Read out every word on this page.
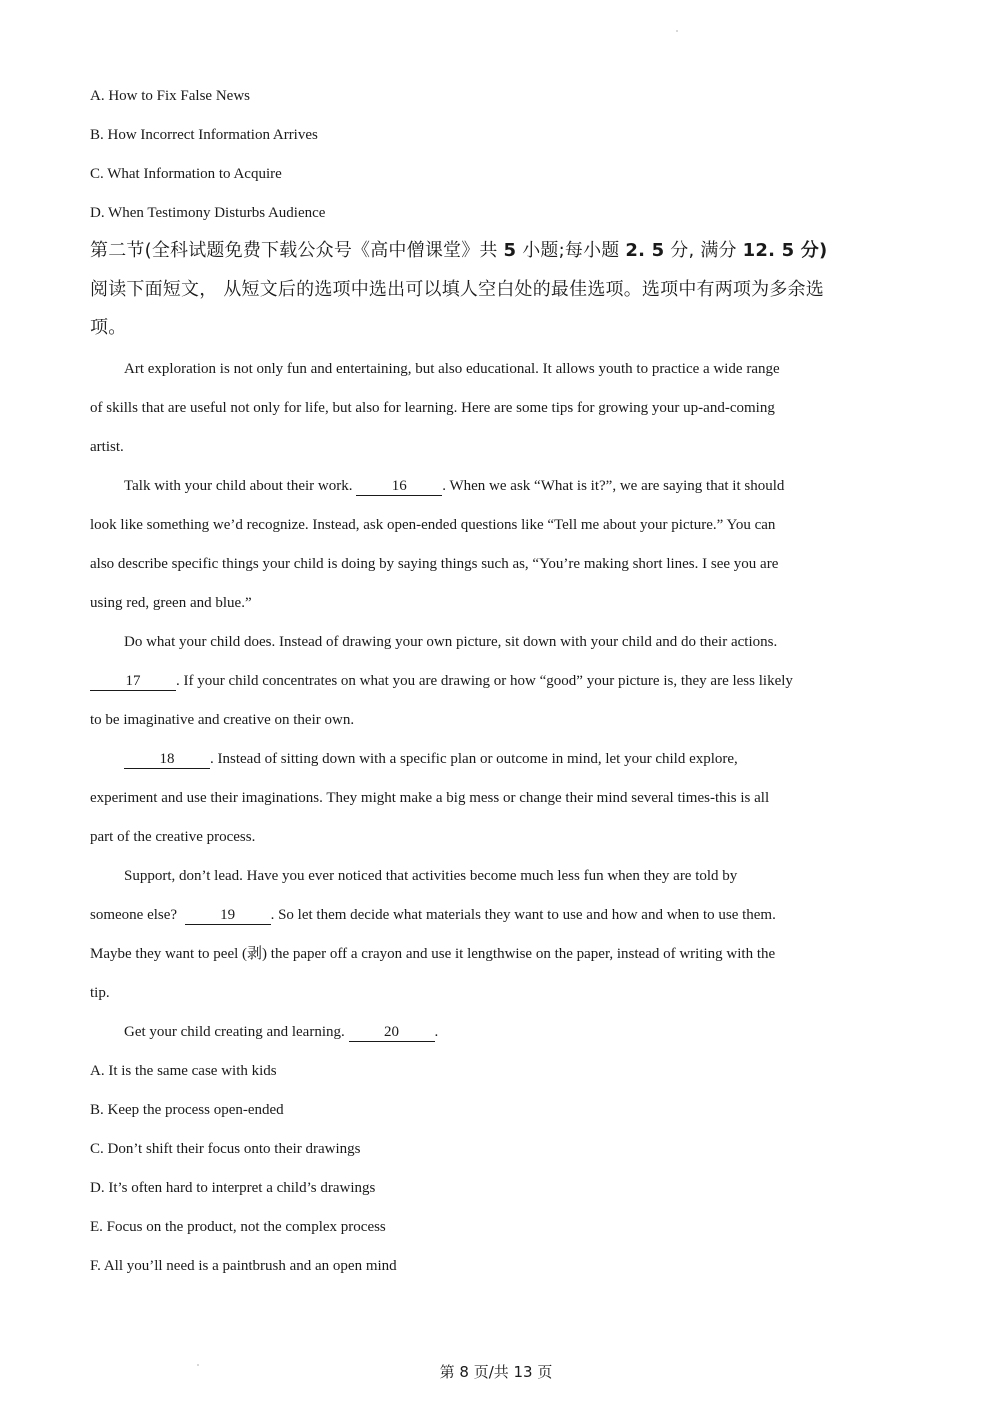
A. How to Fix False News
B. How Incorrect Information Arrives
C. What Information to Acquire
D. When Testimony Disturbs Audience
第二节(全科试题免费下载公众号《高中僧课堂》共 5 小题;每小题 2. 5 分, 满分 12. 5 分)
阅读下面短文， 从短文后的选项中选出可以填人空白处的最佳选项。选项中有两项为多余选
项。
Art exploration is not only fun and entertaining, but also educational. It allows youth to practice a wide range
of skills that are useful not only for life, but also for learning. Here are some tips for growing your up-and-coming
artist.
Talk with your child about their work. 16 . When we ask “What is it?”, we are saying that it should
look like something we’d recognize. Instead, ask open-ended questions like “Tell me about your picture.” You can
also describe specific things your child is doing by saying things such as, “You’re making short lines. I see you are
using red, green and blue.”
Do what your child does. Instead of drawing your own picture, sit down with your child and do their actions.
17 . If your child concentrates on what you are drawing or how “good” your picture is, they are less likely
to be imaginative and creative on their own.
18 . Instead of sitting down with a specific plan or outcome in mind, let your child explore,
experiment and use their imaginations. They might make a big mess or change their mind several times-this is all
part of the creative process.
Support, don’t lead. Have you ever noticed that activities become much less fun when they are told by
someone else?  19 . So let them decide what materials they want to use and how and when to use them.
Maybe they want to peel (剥) the paper off a crayon and use it lengthwise on the paper, instead of writing with the
tip.
Get your child creating and learning. 20 .
A. It is the same case with kids
B. Keep the process open-ended
C. Don’t shift their focus onto their drawings
D. It’s often hard to interpret a child’s drawings
E. Focus on the product, not the complex process
F. All you’ll need is a paintbrush and an open mind
第 8 页/共 13 页
